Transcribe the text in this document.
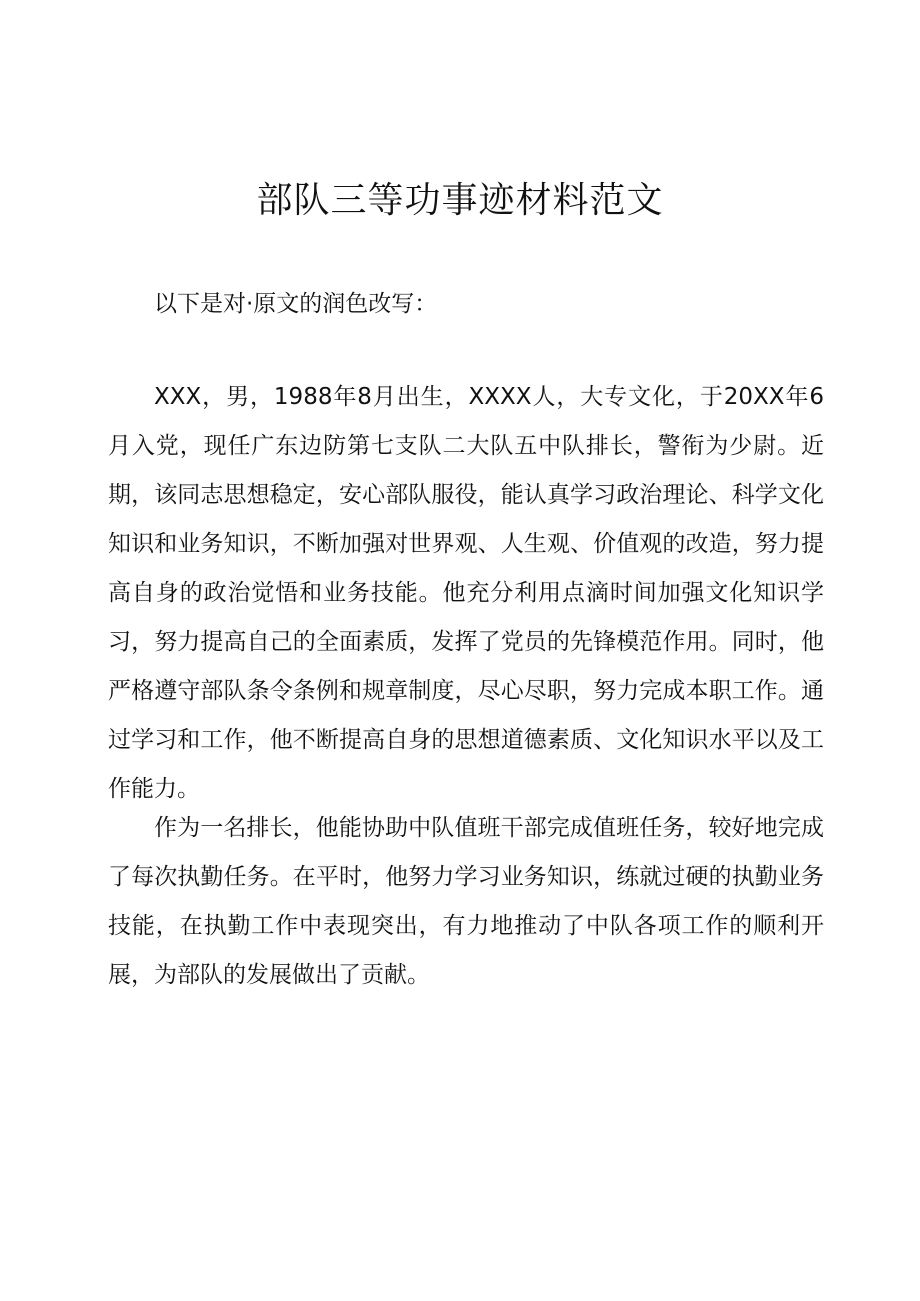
部队三等功事迹材料范文

以下是对·原文的润色改写：

XXX，男，1988年8月出生，XXXX人，大专文化，于20XX年6月入党，现任广东边防第七支队二大队五中队排长，警衔为少尉。近期，该同志思想稳定，安心部队服役，能认真学习政治理论、科学文化知识和业务知识，不断加强对世界观、人生观、价值观的改造，努力提高自身的政治觉悟和业务技能。他充分利用点滴时间加强文化知识学习，努力提高自己的全面素质，发挥了党员的先锋模范作用。同时，他严格遵守部队条令条例和规章制度，尽心尽职，努力完成本职工作。通过学习和工作，他不断提高自身的思想道德素质、文化知识水平以及工作能力。

作为一名排长，他能协助中队值班干部完成值班任务，较好地完成了每次执勤任务。在平时，他努力学习业务知识，练就过硬的执勤业务技能，在执勤工作中表现突出，有力地推动了中队各项工作的顺利开展，为部队的发展做出了贡献。
